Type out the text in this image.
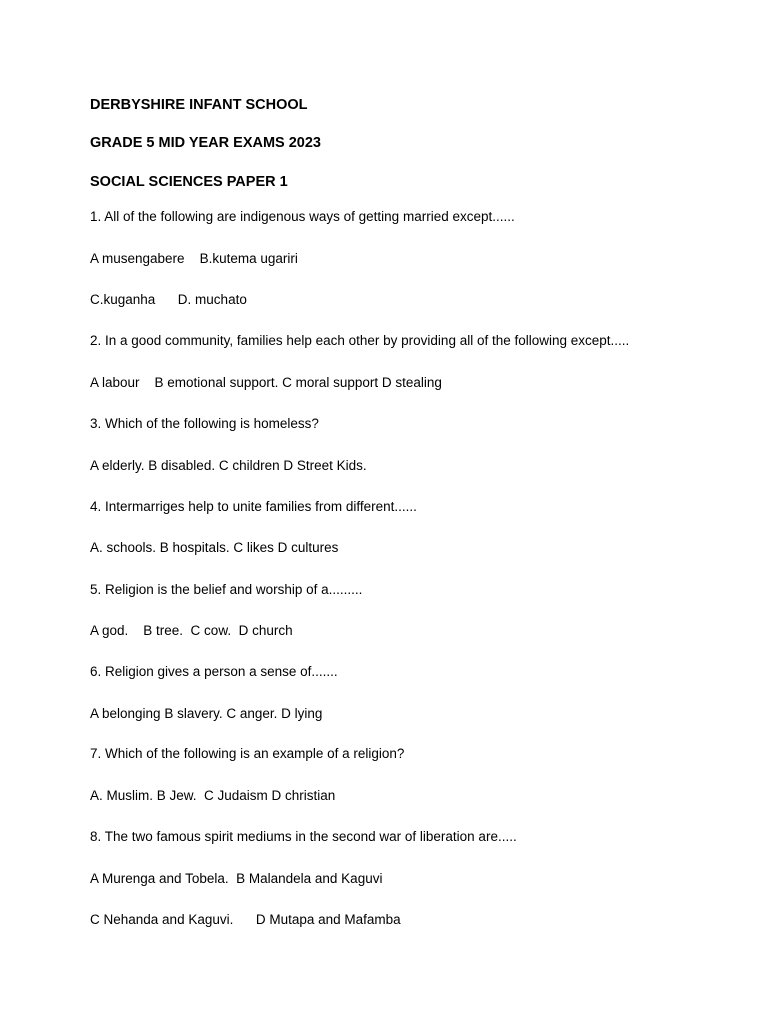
DERBYSHIRE INFANT SCHOOL
GRADE 5 MID YEAR EXAMS 2023
SOCIAL SCIENCES PAPER 1
1. All of the following are indigenous ways of getting married except......
A musengabere    B.kutema ugariri
C.kuganha      D. muchato
2. In a good community, families help each other by providing all of the following except.....
A labour    B emotional support. C moral support D stealing
3. Which of the following is homeless?
A elderly. B disabled. C children D Street Kids.
4. Intermarriges help to unite families from different......
A. schools. B hospitals. C likes D cultures
5. Religion is the belief and worship of a.........
A god.    B tree.  C cow.  D church
6. Religion gives a person a sense of.......
A belonging B slavery. C anger. D lying
7. Which of the following is an example of a religion?
A. Muslim. B Jew.  C Judaism D christian
8. The two famous spirit mediums in the second war of liberation are.....
A Murenga and Tobela.  B Malandela and Kaguvi
C Nehanda and Kaguvi.      D Mutapa and Mafamba
